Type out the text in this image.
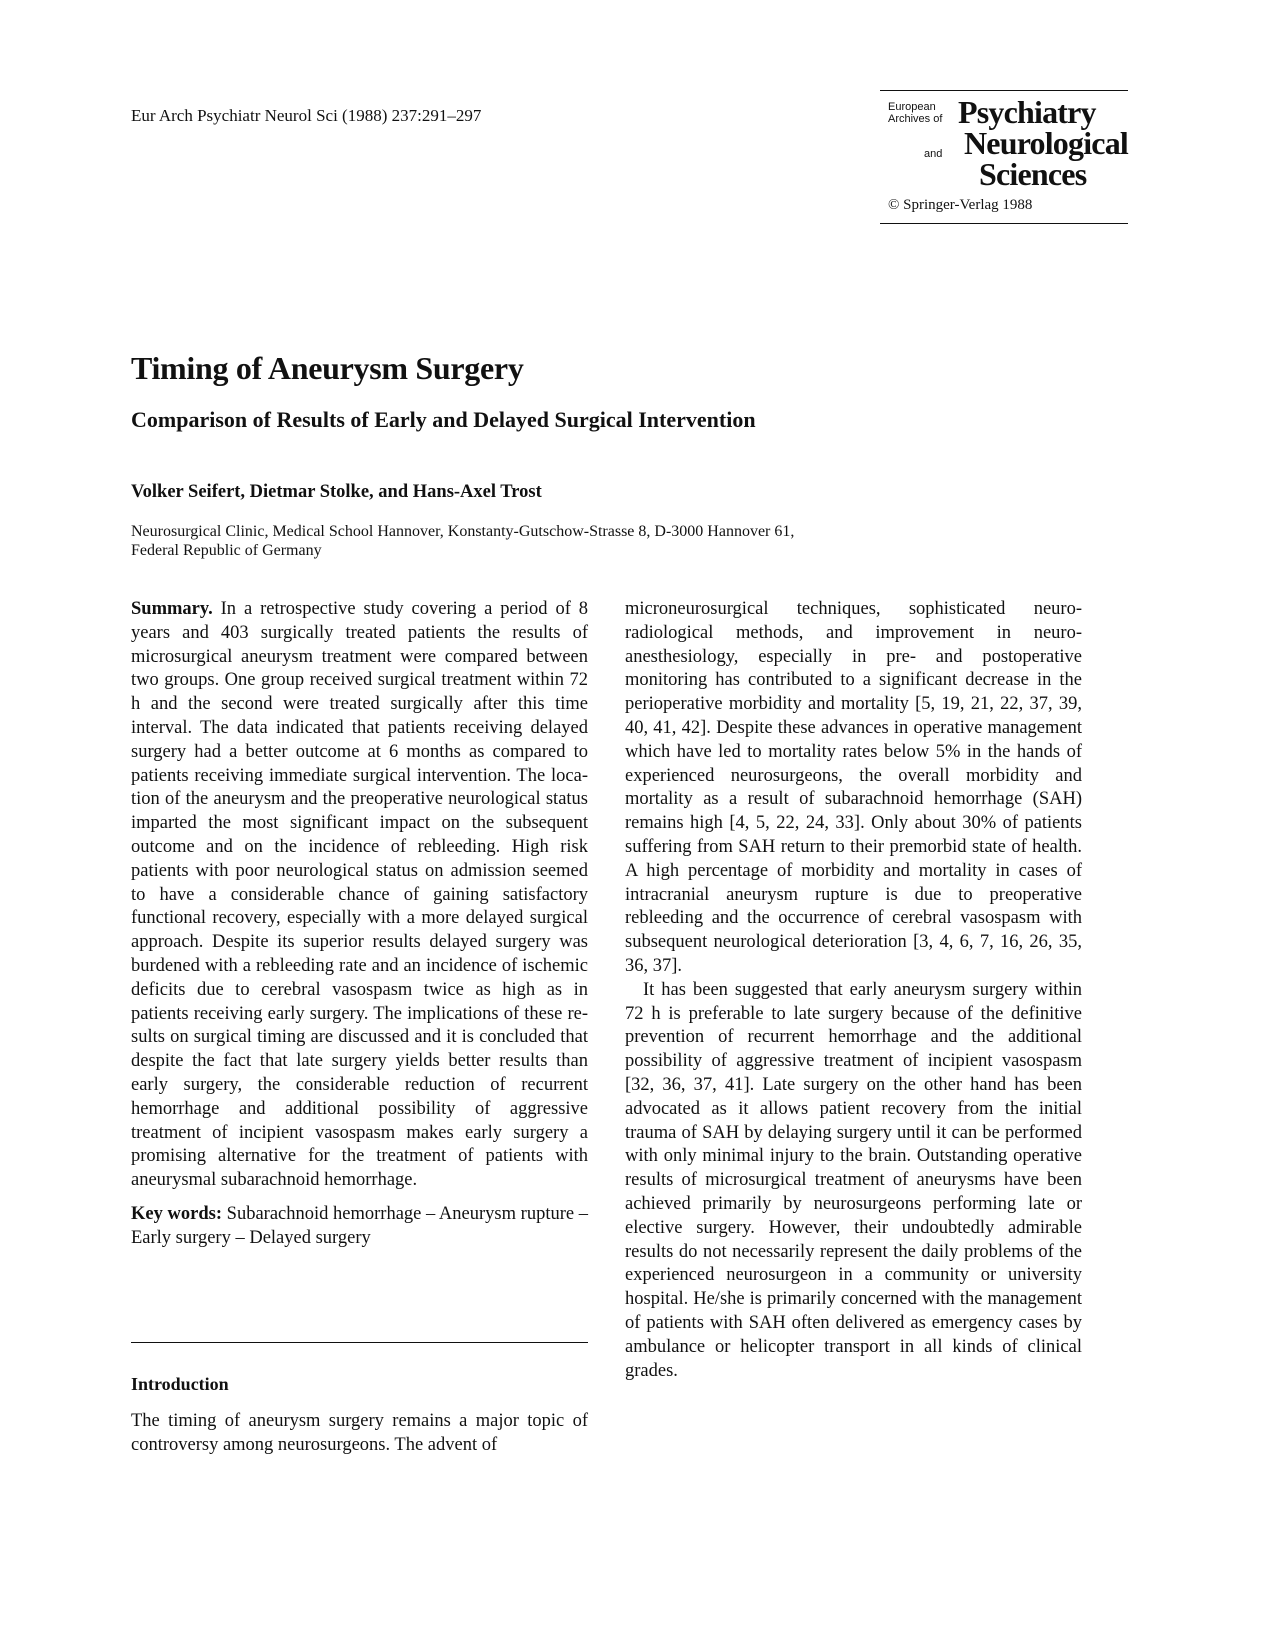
Eur Arch Psychiatr Neurol Sci (1988) 237:291–297	European
Archives of Psychiatry
and Neurological
Sciences
© Springer-Verlag 1988
Timing of Aneurysm Surgery
Comparison of Results of Early and Delayed Surgical Intervention
Volker Seifert, Dietmar Stolke, and Hans-Axel Trost
Neurosurgical Clinic, Medical School Hannover, Konstanty-Gutschow-Strasse 8, D-3000 Hannover 61,
Federal Republic of Germany

Summary. In a retrospective study covering a period of 8 years and 403 surgically treated patients the results of microsurgical aneurysm treatment were compared between two groups. One group received surgical treatment within 72 h and the second were treated surgically after this time interval. The data indicated that patients receiving delayed surgery had a better outcome at 6 months as compared to patients receiving immediate surgical intervention. The location of the aneurysm and the preoperative neurological status imparted the most significant impact on the subsequent outcome and on the incidence of rebleeding. High risk patients with poor neurological status on admission seemed to have a considerable chance of gaining satisfactory functional recovery, especially with a more delayed surgical approach. Despite its superior results delayed surgery was burdened with a rebleeding rate and an incidence of ischemic deficits due to cerebral vasospasm twice as high as in patients receiving early surgery. The implications of these results on surgical timing are discussed and it is concluded that despite the fact that late surgery yields better results than early surgery, the considerable reduction of recurrent hemorrhage and additional possibility of aggressive treatment of incipient vasospasm makes early surgery a promising alternative for the treatment of patients with aneurysmal subarachnoid hemorrhage.

Key words: Subarachnoid hemorrhage – Aneurysm rupture – Early surgery – Delayed surgery

Introduction
The timing of aneurysm surgery remains a major topic of controversy among neurosurgeons. The advent of

microneurosurgical techniques, sophisticated neuroradiological methods, and improvement in neuroanesthesiology, especially in pre- and postoperative monitoring has contributed to a significant decrease in the perioperative morbidity and mortality [5, 19, 21, 22, 37, 39, 40, 41, 42]. Despite these advances in operative management which have led to mortality rates below 5% in the hands of experienced neurosurgeons, the overall morbidity and mortality as a result of subarachnoid hemorrhage (SAH) remains high [4, 5, 22, 24, 33]. Only about 30% of patients suffering from SAH return to their premorbid state of health. A high percentage of morbidity and mortality in cases of intracranial aneurysm rupture is due to preoperative rebleeding and the occurrence of cerebral vasospasm with subsequent neurological deterioration [3, 4, 6, 7, 16, 26, 35, 36, 37].

It has been suggested that early aneurysm surgery within 72 h is preferable to late surgery because of the definitive prevention of recurrent hemorrhage and the additional possibility of aggressive treatment of incipient vasospasm [32, 36, 37, 41]. Late surgery on the other hand has been advocated as it allows patient recovery from the initial trauma of SAH by delaying surgery until it can be performed with only minimal injury to the brain. Outstanding operative results of microsurgical treatment of aneurysms have been achieved primarily by neurosurgeons performing late or elective surgery. However, their undoubtedly admirable results do not necessarily represent the daily problems of the experienced neurosurgeon in a community or university hospital. He/she is primarily concerned with the management of patients with SAH often delivered as emergency cases by ambulance or helicopter transport in all kinds of clinical grades.
